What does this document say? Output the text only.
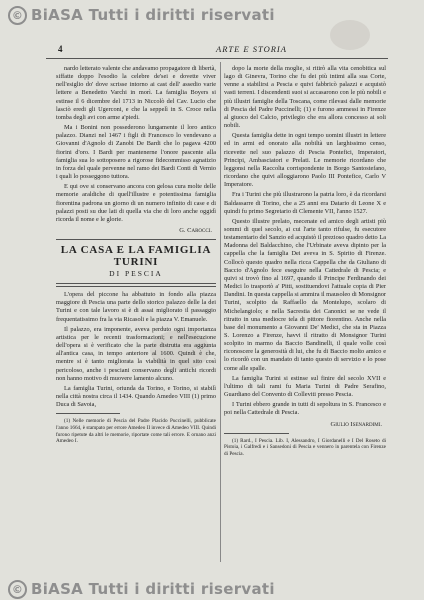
© BiASA Tutti i diritti riservati
4	ARTE E STORIA

nardo letterato valente che andavamo propagatore di libertà, siffatte doppo l'esodio la celebre de'sei e dovette viver nell'esiglio do' dove scrisse intorno ai cast dell' assedio varie lettere a Benedetto Varchi in morì. La famiglia Boyers si estinse il 6 dicembre del 1713 in Niccolò del Cav. Lucio che lasciò eredi gli Ugerconi, e che la seppelì in S. Croce nella tomba degli avi con arme a'piedi.

Ma i Bonini non possederono lungamente il loro antico palazzo. Dianzi nel 1467 i figli di Francesco lo vendevano a Giovanni d'Agnolo di Zanobi De Bardi che lo pagava 4200 fiorini d'oro. I Bardi per mantenerne l'onore pascente alla famiglia sua lo sottoposero a rigorose fidecommisso agnatizio in forza del quale pervenne nel ramo dei Bardi Conti di Vernio i quali lo posseggono tuttora.

E qui ove si conservano ancora con gelosa cura molte delle memorie araldiche di quell'illustre e potentissima famiglia fiorentina padrona un giorno di un numero infinito di case e di palazzi posti su due lati di quella via che di loro anche oggidì ricorda il nome e le glorie.

G. Carocci.
LA CASA E LA FAMIGLIA TURINI
DI PESCIA

L'opera del piccone ha abbattuto in fondo alla piazza maggiore di Pescia una parte dello storico palazzo delle la dei Turini e con tale lavoro si è di assai migliorato il passaggio frequentatissimo fra la via Ricasoli e la piazza V. Emanuele.

Il palazzo, era imponente, aveva perduto ogni importanza artistica per le recenti trasformazioni; e nell'esecuzione dell'opera si è verificato che la parte distrutta era aggiunta all'antica casa, in tempo anteriore al 1600. Quindi è che, mentre si è tanto migliorata la viabilità in quel sito così pericoloso, anche i pesciani conservano degli antichi ricordi non hanno motivo di muovere lamento alcuno.

La famiglia Turini, oriunda da Torino, e Torino, si stabilì nella città nostra circa il 1434. Quando Amedeo VIII (1) primo Duca di Savoia,

(1) Nelle memorie di Pescia del Padre Placido Puccinelli, pubblicate l'anno 1664, è stampato per errore Amedeo II invece di Amedeo VIII. Quindi furono ripetute da altri le memorie, riportate come tali errore. E ornano anzi Amedeo I.

dopo la morte della moglie, si ritirò alla vita cenobitica sul lago di Ginevra, Torino che fu dei più intimi alla sua Corte, venne a stabilirsi a Pescia e quivi fabbricò palazzi e acquistò vasti terreni. I discendenti suoi si accasarono con le più nobili e più illustri famiglie della Toscana, come rilevasi dalle memorie di Pescia del Padre Puccinelli; (1) e furono ammessi in Firenze al giuoco del Calcio, privilegio che era allora concesso ai soli nobili.

Questa famiglia dette in ogni tempo uomini illustri in lettere ed in armi ed onorato alla nobiltà un larghissimo censo, ricevette nel suo palazzo di Pescia Pontefici, Imperatori, Principi, Ambasciatori e Prelati. Le memorie ricordano che leggonsi nella Raccolta corrispondente in Borgo Santostefano, ricordano che quivi alloggiarono Paolo III Pontefice, Carlo V Imperatore.

Fra i Turini che più illustrarono la patria loro, è da ricordarsi Baldassarre di Torino, che a 25 anni era Datario di Leone X e quindi fu primo Segretario di Clemente VII, l'anno 1527.

Questo illustre prelato, mecenate ed amico degli artisti più sommi di quel secolo, ai cui l'arte tanto rifulse, fu esecutore testamentario del Sanzio ed acquistò il prezioso quadro detto La Madonna del Baldacchino, che l'Urbinate aveva dipinto per la cappella che la famiglia Dei aveva in S. Spirito di Firenze. Collocò questo quadro nella ricca Cappella che da Giuliano di Baccio d'Agnolo fece eseguire nella Cattedrale di Pescia; e quivi si trovò fino al 1697, quando il Principe Ferdinando dei Medici lo trasportò a' Pitti, sostituendovi l'attuale copia di Pier Dandini. In questa cappella si ammira il mausoleo di Monsignor Turini, scolpito da Raffaello da Montelupo, scolaro di Michelangiolo; e nella Sacrestia dei Canonici se ne vede il ritratto in una mediocre tela di pittore fiorentino. Anche nella base del monumento a Giovanni De' Medici, che sta in Piazza S. Lorenzo a Firenze, havvi il ritratto di Monsignor Turini scolpito in marmo da Baccio Bandinelli, il quale volle così riconoscere la generosità di lui, che fu di Baccio molto amico e lo ricordò con un mandato di tanto questo di servizio e lo pose come alle spalle.

La famiglia Turini si estinse sul finire del secolo XVII e l'ultimo di tali rami fu Maria Turini di Padre Serafino, Guardiano del Convento di Colleviti presso Pescia.

I Turini ebbero grande in tutti di sepoltura in S. Francesco e poi nella Cattedrale di Pescia.

Giulio Isenardimi.

(1) Rard., I Pescia. Lib. I, Alessandro, I Giordanelli e I Del Roseto di Pistoia, i Galfredi e i Sansedoni di Pescia e vennero in parentela con Firenze di Pescia.

© BiASA Tutti i diritti riservati
